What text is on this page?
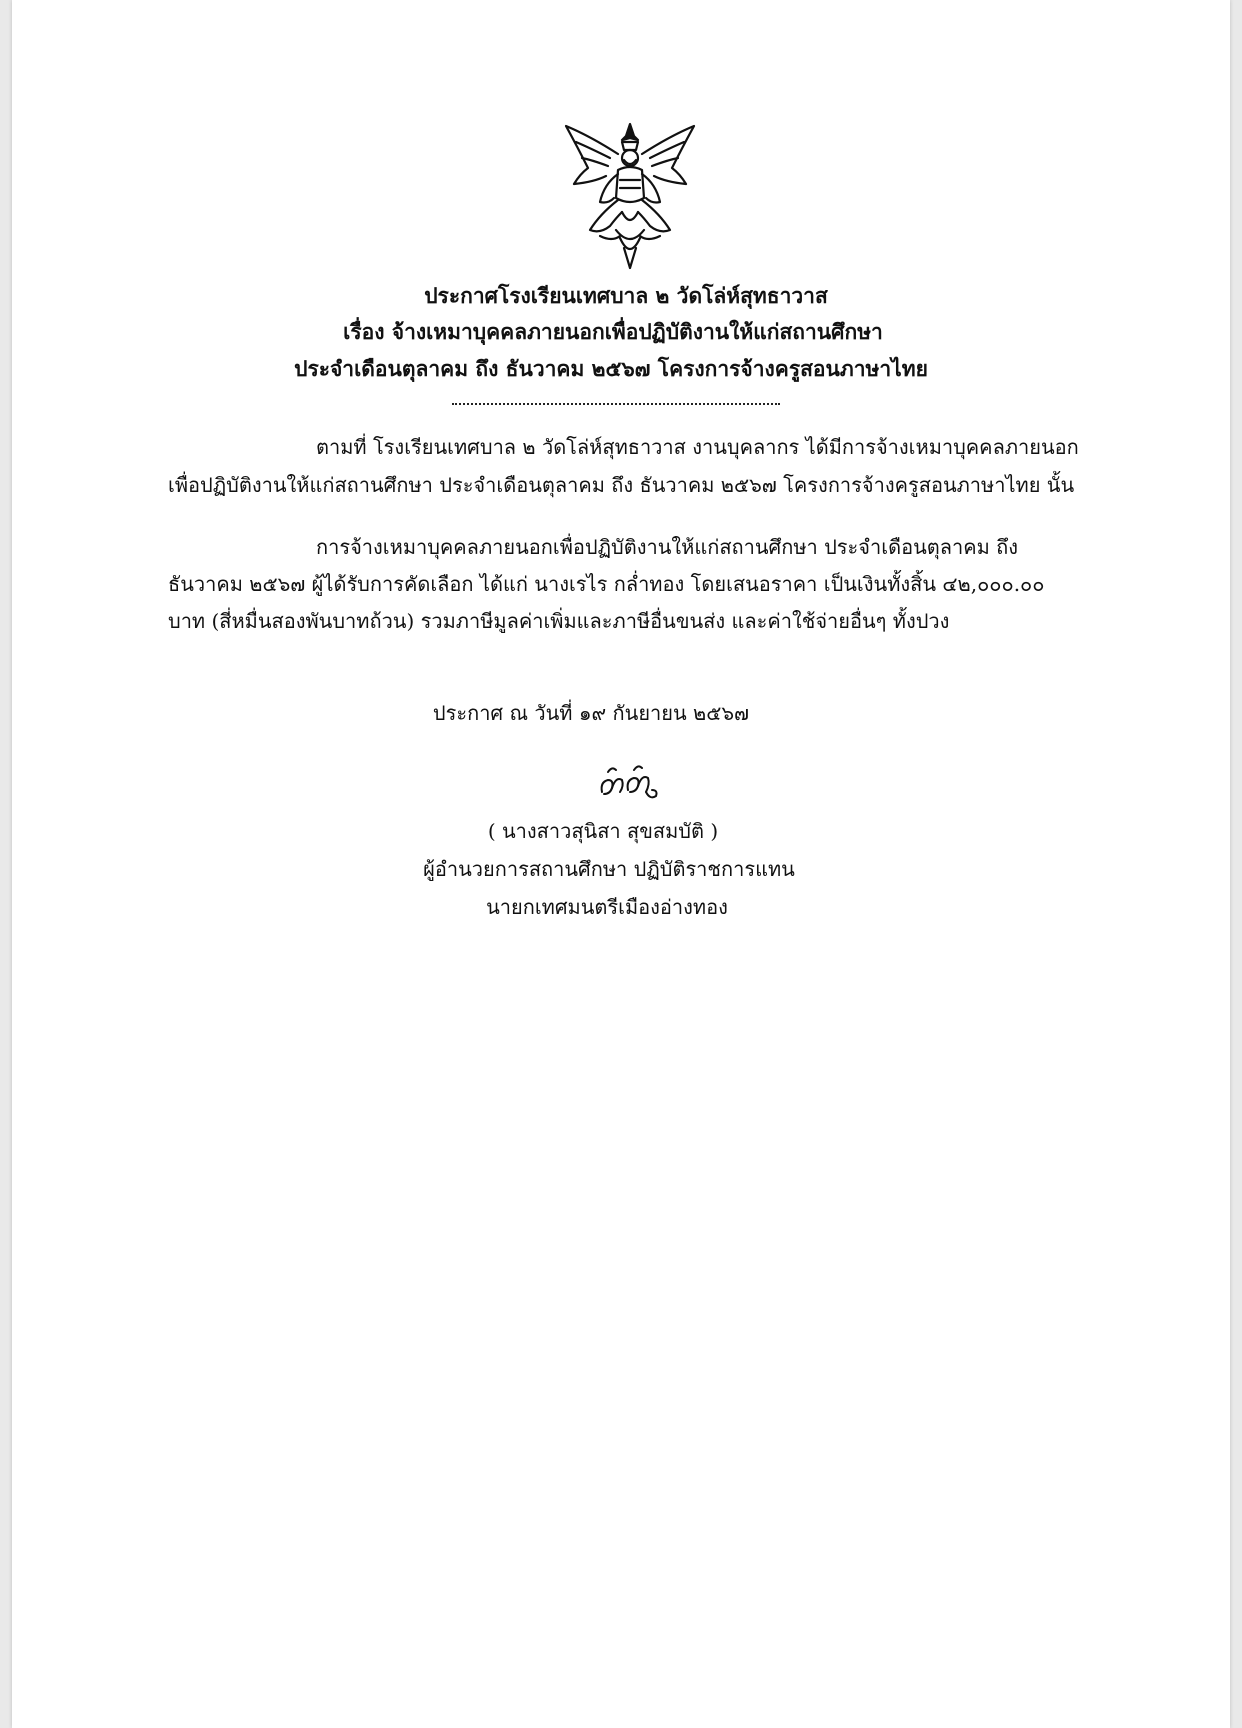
ประกาศโรงเรียนเทศบาล ๒ วัดโล่ห์สุทธาวาส
เรื่อง จ้างเหมาบุคคลภายนอกเพื่อปฏิบัติงานให้แก่สถานศึกษา
ประจำเดือนตุลาคม ถึง ธันวาคม ๒๕๖๗ โครงการจ้างครูสอนภาษาไทย
ตามที่ โรงเรียนเทศบาล ๒ วัดโล่ห์สุทธาวาส งานบุคลากร ได้มีการจ้างเหมาบุคคลภายนอก
เพื่อปฏิบัติงานให้แก่สถานศึกษา ประจำเดือนตุลาคม ถึง ธันวาคม ๒๕๖๗ โครงการจ้างครูสอนภาษาไทย นั้น
การจ้างเหมาบุคคลภายนอกเพื่อปฏิบัติงานให้แก่สถานศึกษา ประจำเดือนตุลาคม ถึง
ธันวาคม ๒๕๖๗ ผู้ได้รับการคัดเลือก ได้แก่ นางเรไร กล่ำทอง โดยเสนอราคา เป็นเงินทั้งสิ้น ๔๒,๐๐๐.๐๐
บาท (สี่หมื่นสองพันบาทถ้วน) รวมภาษีมูลค่าเพิ่มและภาษีอื่นขนส่ง และค่าใช้จ่ายอื่นๆ ทั้งปวง
ประกาศ ณ วันที่ ๑๙ กันยายน ๒๕๖๗
( นางสาวสุนิสา สุขสมบัติ )
ผู้อำนวยการสถานศึกษา ปฏิบัติราชการแทน
นายกเทศมนตรีเมืองอ่างทอง
